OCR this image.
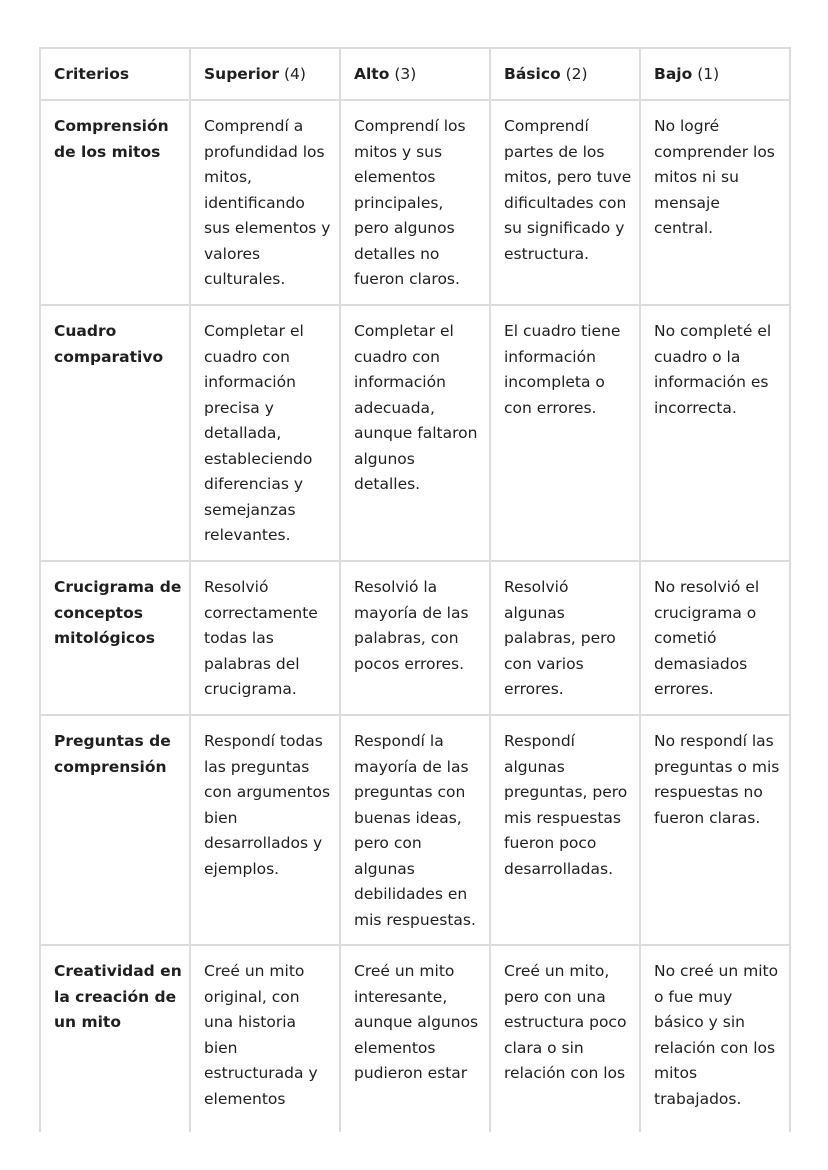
Criterios	Superior (4)	Alto (3)	Básico (2)	Bajo (1)
Comprensión de los mitos	Comprendí a profundidad los mitos, identificando sus elementos y valores culturales.	Comprendí los mitos y sus elementos principales, pero algunos detalles no fueron claros.	Comprendí partes de los mitos, pero tuve dificultades con su significado y estructura.	No logré comprender los mitos ni su mensaje central.
Cuadro comparativo	Completar el cuadro con información precisa y detallada, estableciendo diferencias y semejanzas relevantes.	Completar el cuadro con información adecuada, aunque faltaron algunos detalles.	El cuadro tiene información incompleta o con errores.	No completé el cuadro o la información es incorrecta.
Crucigrama de conceptos mitológicos	Resolvió correctamente todas las palabras del crucigrama.	Resolvió la mayoría de las palabras, con pocos errores.	Resolvió algunas palabras, pero con varios errores.	No resolvió el crucigrama o cometió demasiados errores.
Preguntas de comprensión	Respondí todas las preguntas con argumentos bien desarrollados y ejemplos.	Respondí la mayoría de las preguntas con buenas ideas, pero con algunas debilidades en mis respuestas.	Respondí algunas preguntas, pero mis respuestas fueron poco desarrolladas.	No respondí las preguntas o mis respuestas no fueron claras.
Creatividad en la creación de un mito	Creé un mito original, con una historia bien estructurada y elementos	Creé un mito interesante, aunque algunos elementos pudieron estar	Creé un mito, pero con una estructura poco clara o sin relación con los	No creé un mito o fue muy básico y sin relación con los mitos trabajados.
